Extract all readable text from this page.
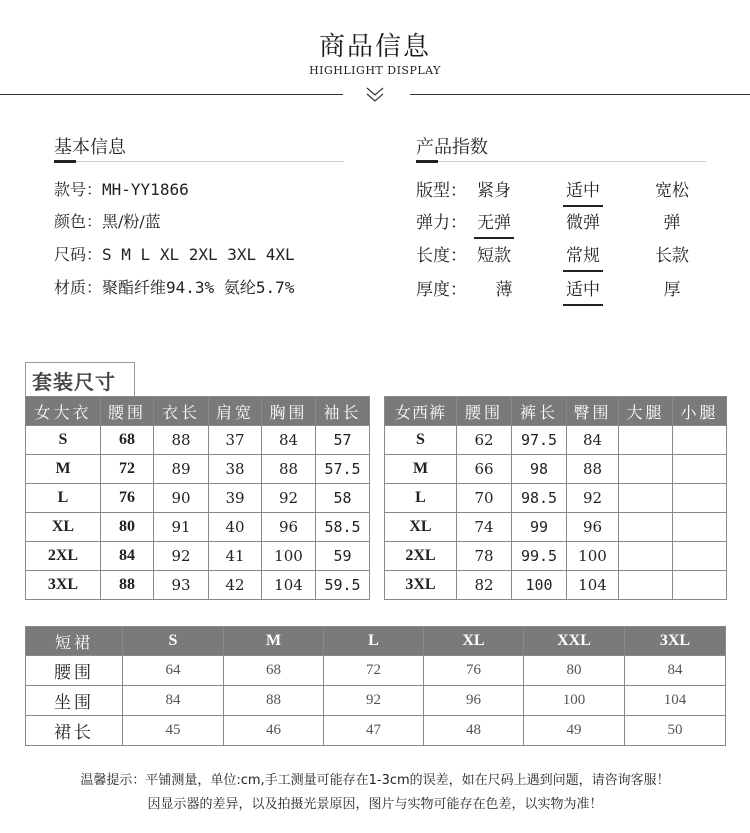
商品信息
HIGHLIGHT DISPLAY
基本信息
款号：MH-YY1866
颜色：黑/粉/蓝
尺码：S M L XL 2XL 3XL 4XL
材质：聚酯纤维94.3% 氨纶5.7%
产品指数
版型： 紧身	适中	宽松
弹力： 无弹	微弹	弹
长度： 短款	常规	长款
厚度：	薄	适中	厚
套装尺寸
女大衣	腰围	衣长	肩宽	胸围	袖长
S	68	88	37	84	57
M	72	89	38	88	57.5
L	76	90	39	92	58
XL	80	91	40	96	58.5
2XL	84	92	41	100	59
3XL	88	93	42	104	59.5
女西裤	腰围	裤长	臀围	大腿	小腿
S	62	97.5	84		
M	66	98	88		
L	70	98.5	92		
XL	74	99	96		
2XL	78	99.5	100		
3XL	82	100	104		
短裙	S	M	L	XL	XXL	3XL
腰围	64	68	72	76	80	84
坐围	84	88	92	96	100	104
裙长	45	46	47	48	49	50
温馨提示：平铺测量，单位:cm,手工测量可能存在1-3cm的误差，如在尺码上遇到问题，请咨询客服！
因显示器的差异，以及拍摄光景原因，图片与实物可能存在色差，以实物为准！
